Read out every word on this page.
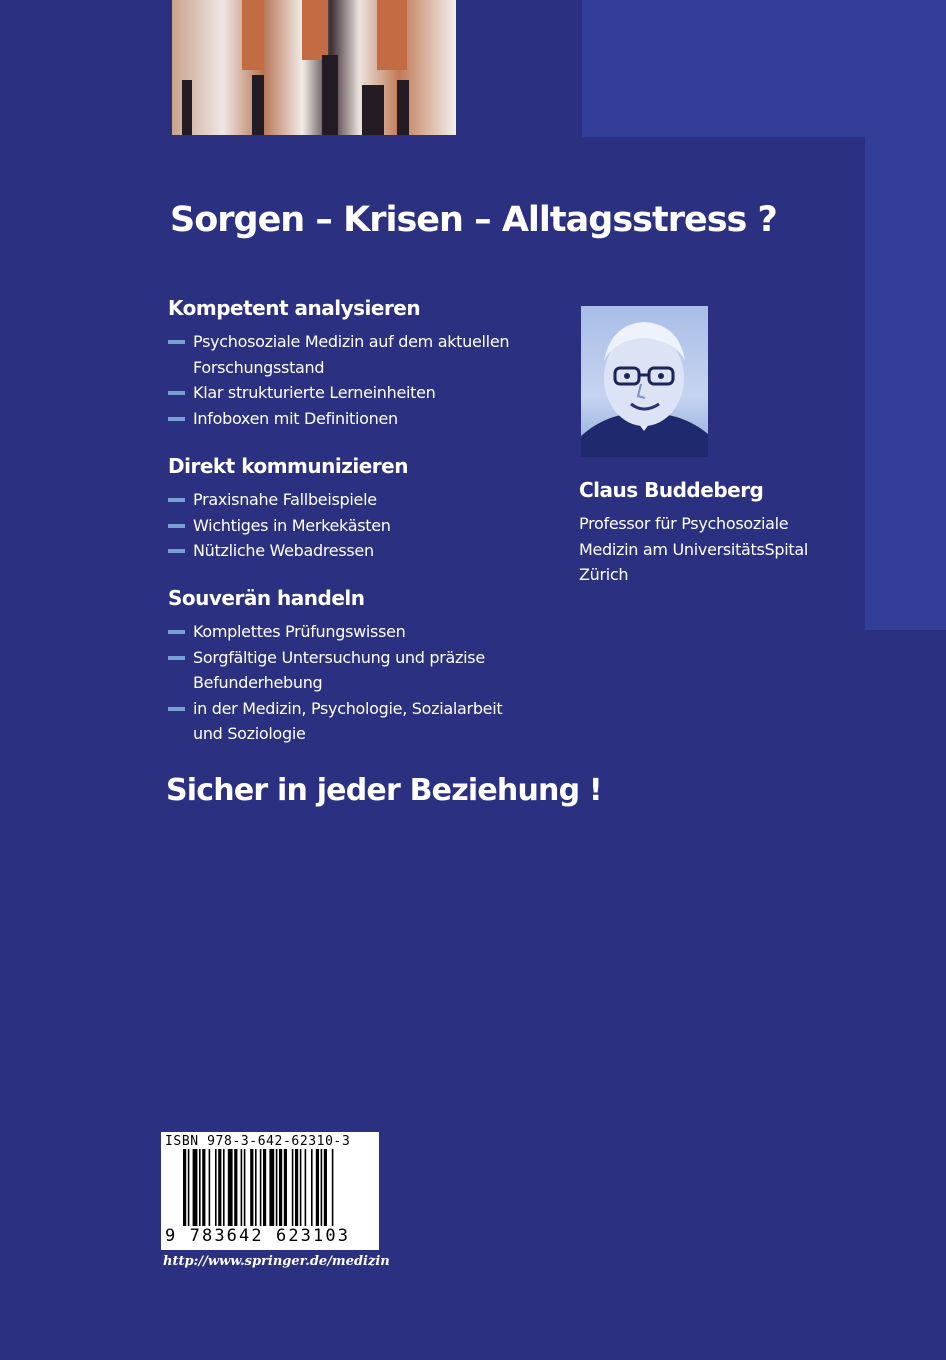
Sorgen – Krisen – Alltagsstress ?
Kompetent analysieren
Psychosoziale Medizin auf dem aktuellen
Forschungsstand
Klar strukturierte Lerneinheiten
Infoboxen mit Definitionen
Direkt kommunizieren
Praxisnahe Fallbeispiele
Wichtiges in Merkekästen
Nützliche Webadressen
Souverän handeln
Komplettes Prüfungswissen
Sorgfältige Untersuchung und präzise
Befunderhebung
in der Medizin, Psychologie, Sozialarbeit
und Soziologie
Claus Buddeberg
Professor für Psychosoziale
Medizin am UniversitätsSpital
Zürich
Sicher in jeder Beziehung !
ISBN 978-3-642-62310-3
9 783642 623103
http://www.springer.de/medizin
